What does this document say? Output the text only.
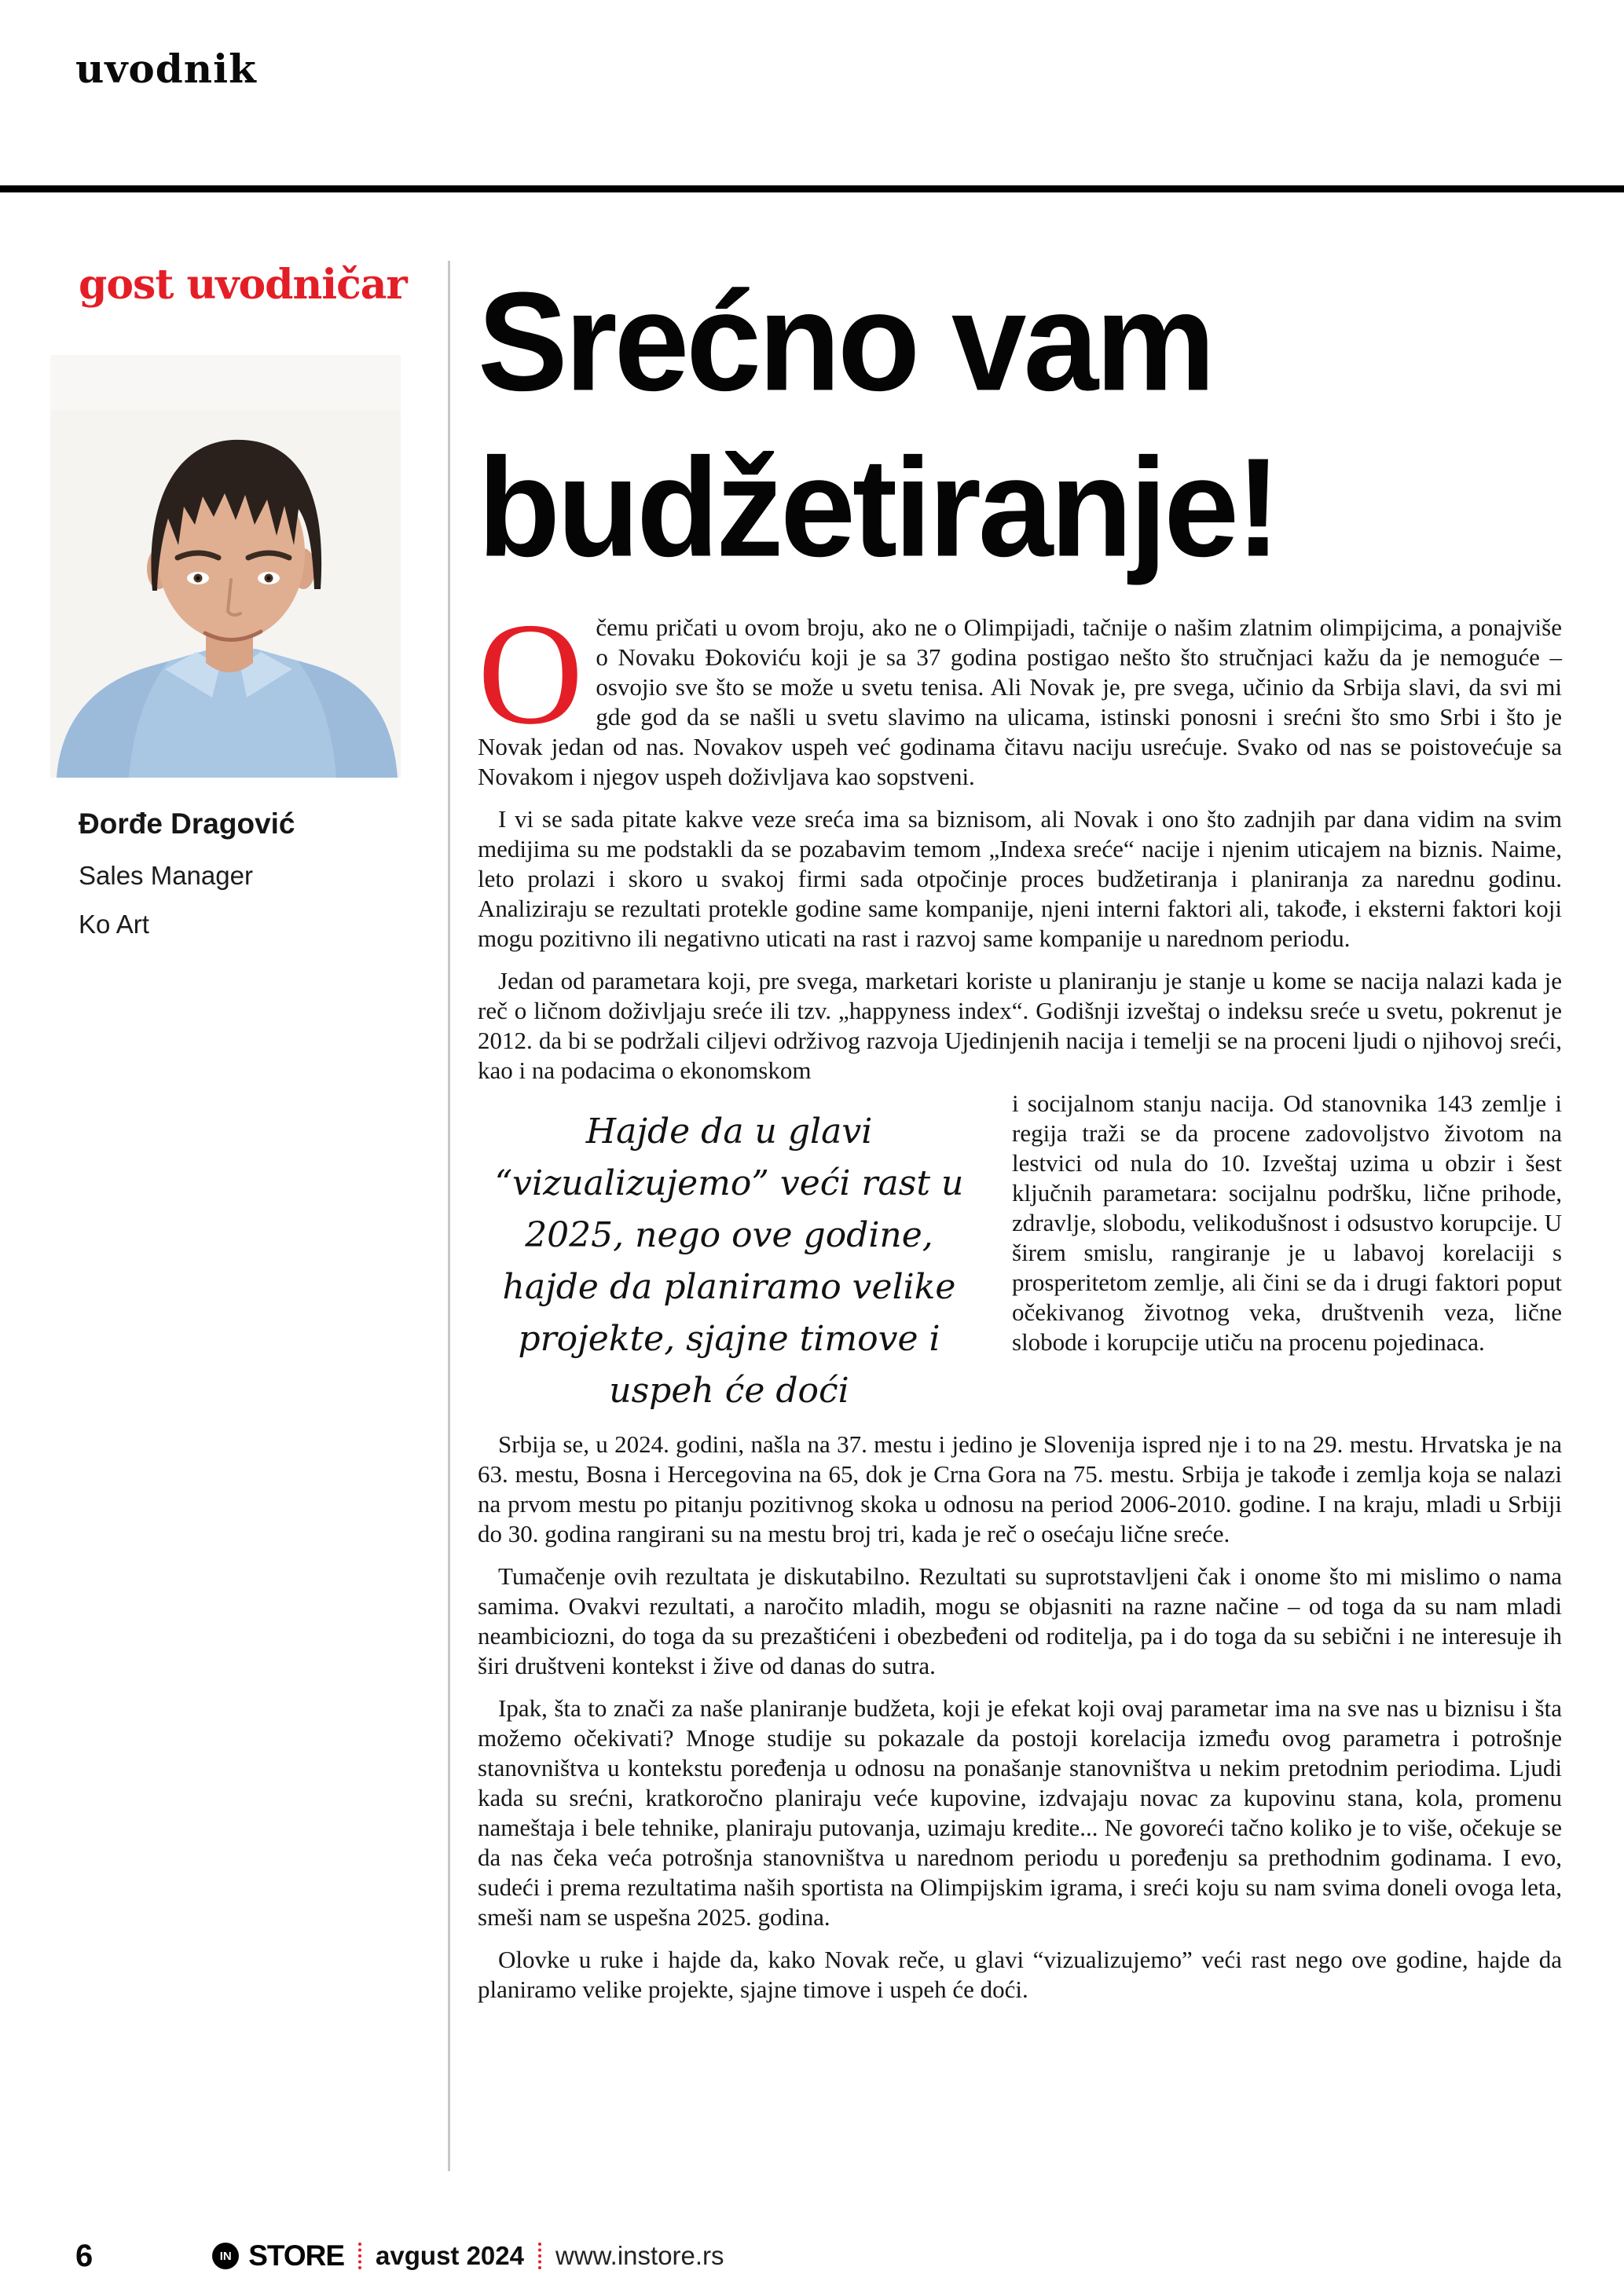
uvodnik
gost uvodničar
Đorđe Dragović
Sales Manager
Ko Art
Srećno vam
budžetiranje!

Očemu pričati u ovom broju, ako ne o Olimpijadi, tačnije o našim zlatnim olimpijcima, a ponajviše o Novaku Đokoviću koji je sa 37 godina postigao nešto što stručnjaci kažu da je nemoguće – osvojio sve što se može u svetu tenisa. Ali Novak je, pre svega, učinio da Srbija slavi, da svi mi gde god da se našli u svetu slavimo na ulicama, istinski ponosni i srećni što smo Srbi i što je Novak jedan od nas. Novakov uspeh već godinama čitavu naciju usrećuje. Svako od nas se poistovećuje sa Novakom i njegov uspeh doživljava kao sopstveni.

I vi se sada pitate kakve veze sreća ima sa biznisom, ali Novak i ono što zadnjih par dana vidim na svim medijima su me podstakli da se pozabavim temom „Indexa sreće“ nacije i njenim uticajem na biznis. Naime, leto prolazi i skoro u svakoj firmi sada otpočinje proces budžetiranja i planiranja za narednu godinu. Analiziraju se rezultati protekle godine same kompanije, njeni interni faktori ali, takođe, i eksterni faktori koji mogu pozitivno ili negativno uticati na rast i razvoj same kompanije u narednom periodu.

Jedan od parametara koji, pre svega, marketari koriste u planiranju je stanje u kome se nacija nalazi kada je reč o ličnom doživljaju sreće ili tzv. „happyness index“. Godišnji izveštaj o indeksu sreće u svetu, pokrenut je 2012. da bi se podržali ciljevi održivog razvoja Ujedinjenih nacija i temelji se na proceni ljudi o njihovoj sreći, kao i na podacima o ekonomskom

Hajde da u glavi “vizualizujemo” veći rast u 2025, nego ove godine, hajde da planiramo velike projekte, sjajne timove i uspeh će doći

i socijalnom stanju nacija. Od stanovnika 143 zemlje i regija traži se da procene zadovoljstvo životom na lestvici od nula do 10. Izveštaj uzima u obzir i šest ključnih parametara: socijalnu podršku, lične prihode, zdravlje, slobodu, velikodušnost i odsustvo korupcije. U širem smislu, rangiranje je u labavoj korelaciji s prosperitetom zemlje, ali čini se da i drugi faktori poput očekivanog životnog veka, društvenih veza, lične slobode i korupcije utiču na procenu pojedinaca.

Srbija se, u 2024. godini, našla na 37. mestu i jedino je Slovenija ispred nje i to na 29. mestu. Hrvatska je na 63. mestu, Bosna i Hercegovina na 65, dok je Crna Gora na 75. mestu. Srbija je takođe i zemlja koja se nalazi na prvom mestu po pitanju pozitivnog skoka u odnosu na period 2006-2010. godine. I na kraju, mladi u Srbiji do 30. godina rangirani su na mestu broj tri, kada je reč o osećaju lične sreće.

Tumačenje ovih rezultata je diskutabilno. Rezultati su suprotstavljeni čak i onome što mi mislimo o nama samima. Ovakvi rezultati, a naročito mladih, mogu se objasniti na razne načine – od toga da su nam mladi neambiciozni, do toga da su prezaštićeni i obezbeđeni od roditelja, pa i do toga da su sebični i ne interesuje ih širi društveni kontekst i žive od danas do sutra.

Ipak, šta to znači za naše planiranje budžeta, koji je efekat koji ovaj parametar ima na sve nas u biznisu i šta možemo očekivati? Mnoge studije su pokazale da postoji korelacija između ovog parametra i potrošnje stanovništva u kontekstu poređenja u odnosu na ponašanje stanovništva u nekim pretodnim periodima. Ljudi kada su srećni, kratkoročno planiraju veće kupovine, izdvajaju novac za kupovinu stana, kola, promenu nameštaja i bele tehnike, planiraju putovanja, uzimaju kredite... Ne govoreći tačno koliko je to više, očekuje se da nas čeka veća potrošnja stanovništva u narednom periodu u poređenju sa prethodnim godinama. I evo, sudeći i prema rezultatima naših sportista na Olimpijskim igrama, i sreći koju su nam svima doneli ovoga leta, smeši nam se uspešna 2025. godina.

Olovke u ruke i hajde da, kako Novak reče, u glavi “vizualizujemo” veći rast nego ove godine, hajde da planiramo velike projekte, sjajne timove i uspeh će doći.

6	IN STORE avgust 2024 www.instore.rs
